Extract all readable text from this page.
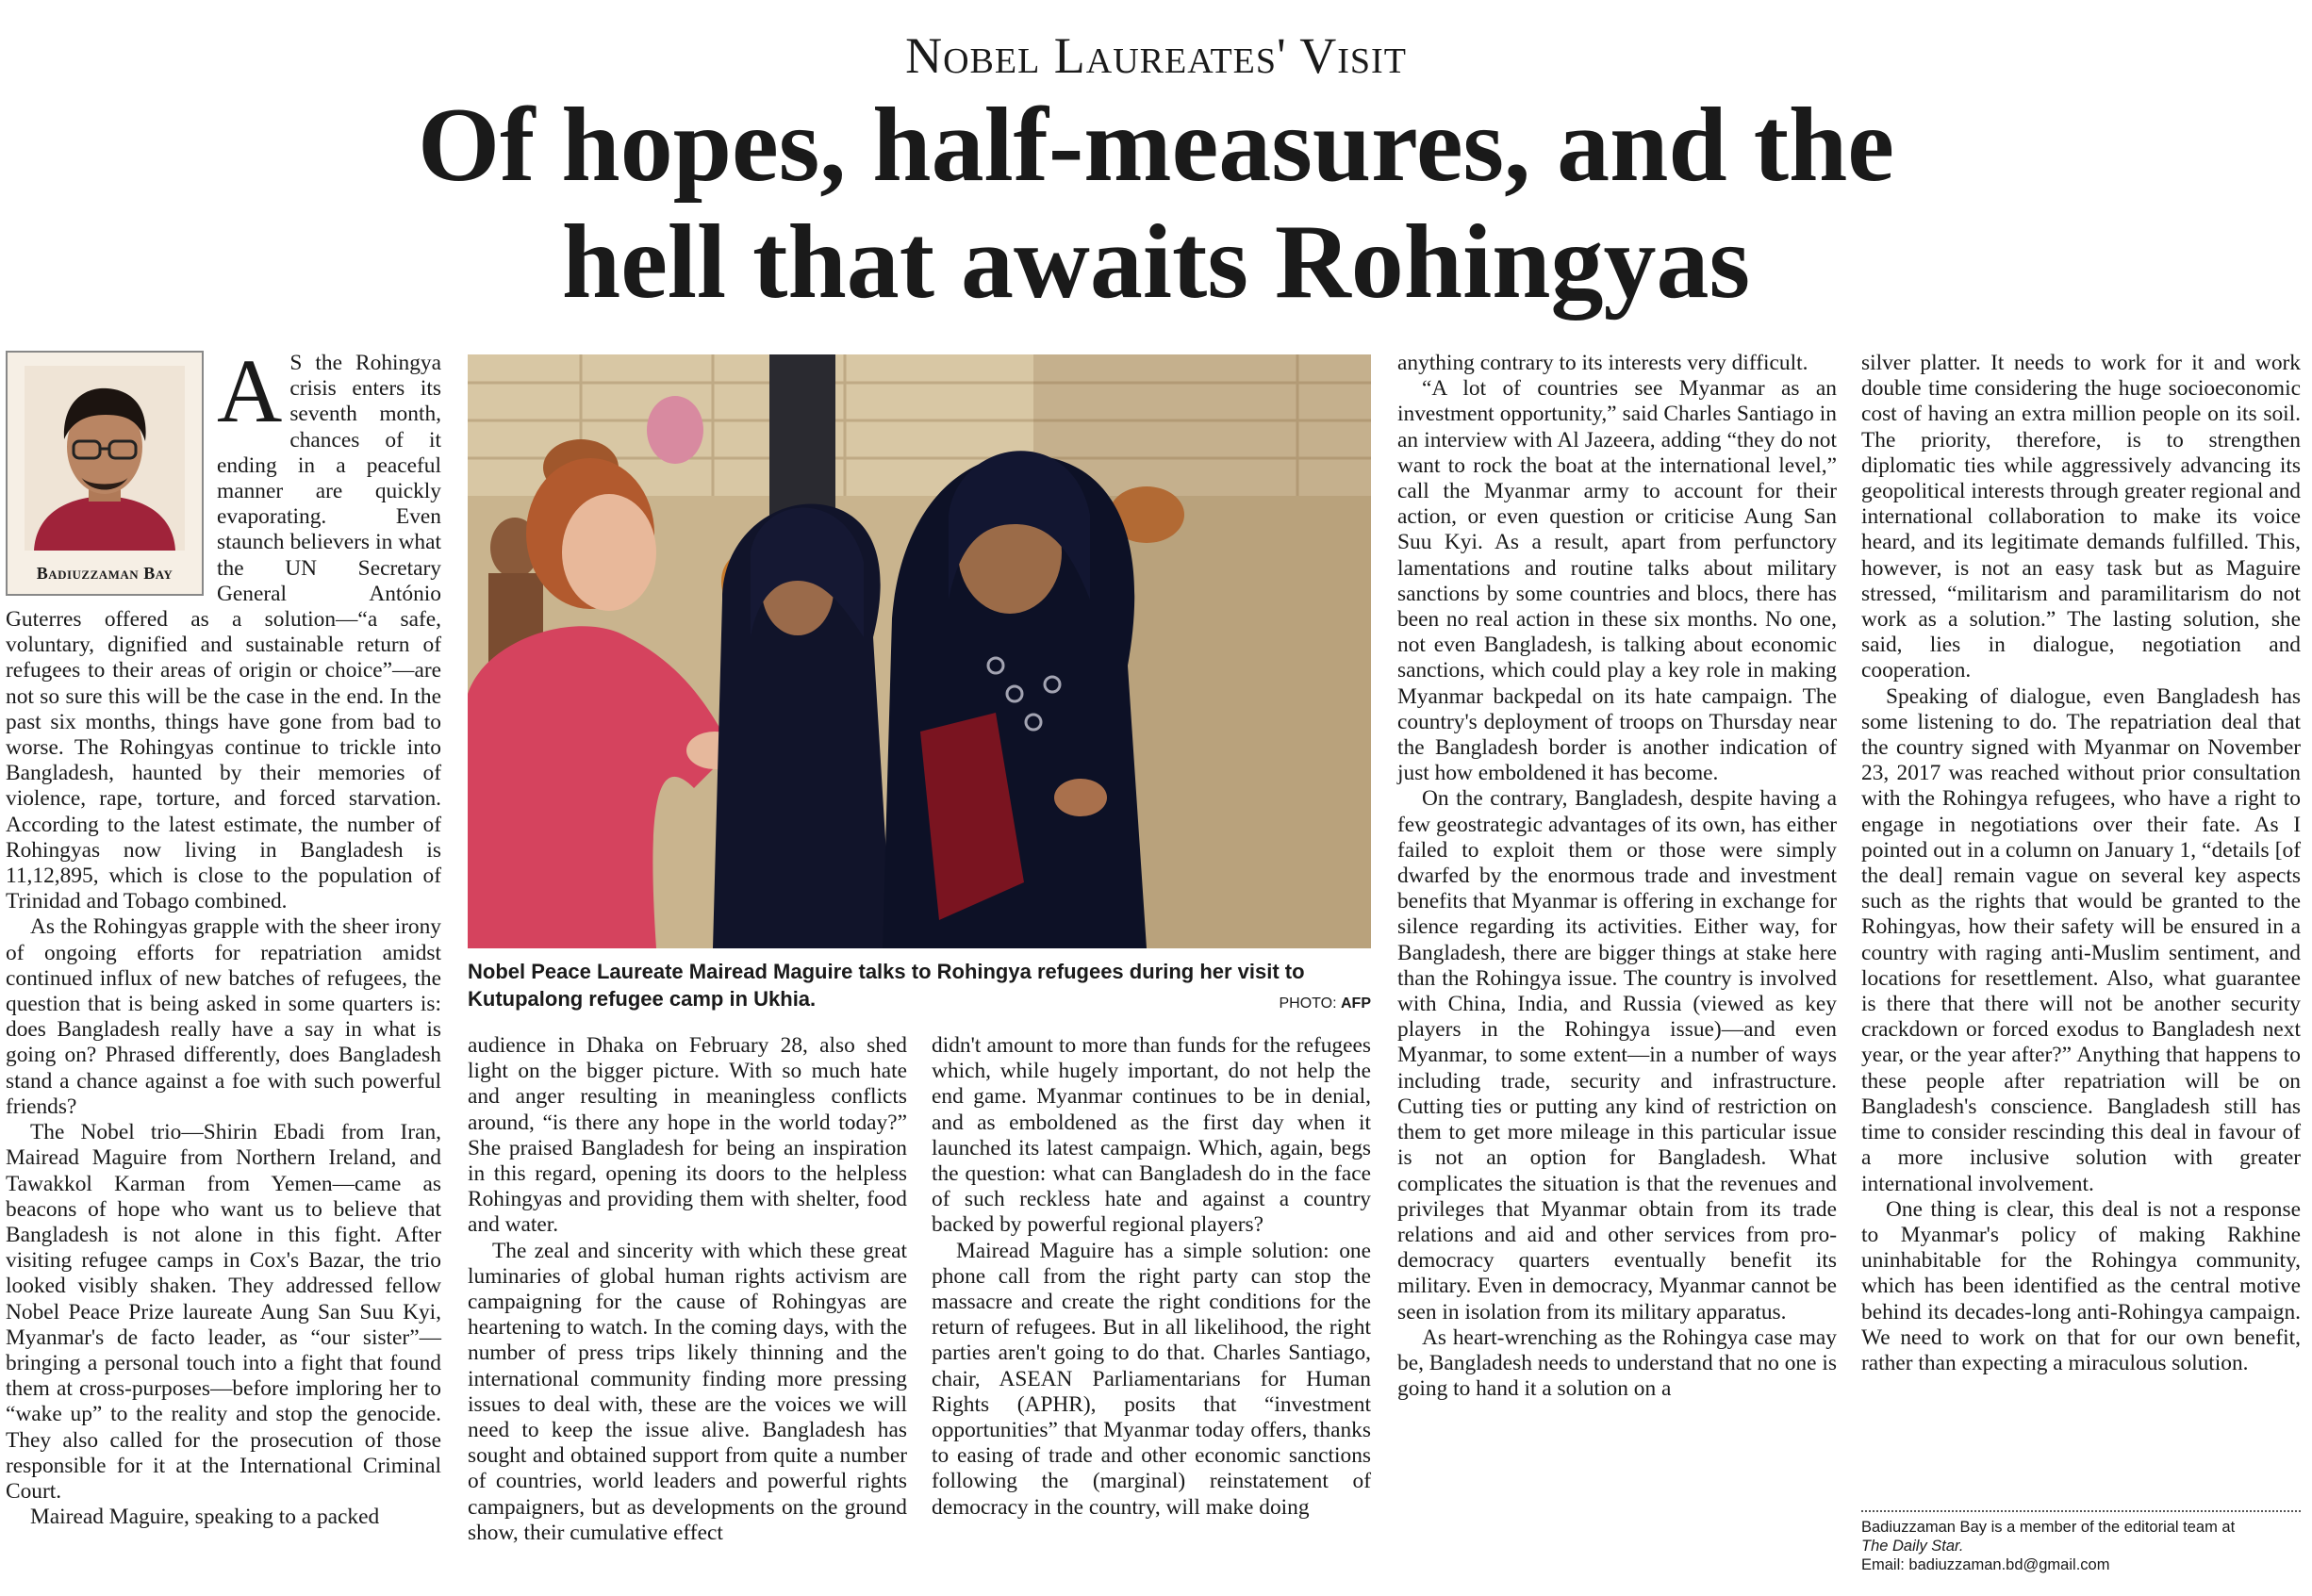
Nobel Laureates' Visit
Of hopes, half-measures, and the
hell that awaits Rohingyas
Badiuzzaman Bay
A S the Rohingya crisis enters its seventh month, chances of it ending in a peaceful manner are quickly evaporating. Even staunch believers in what the UN Secretary General António Guterres offered as a solution—“a safe, voluntary, dignified and sustainable return of refugees to their areas of origin or choice”—are not so sure this will be the case in the end. In the past six months, things have gone from bad to worse. The Rohingyas continue to trickle into Bangladesh, haunted by their memories of violence, rape, torture, and forced starvation. According to the latest estimate, the number of Rohingyas now living in Bangladesh is 11,12,895, which is close to the population of Trinidad and Tobago combined.

As the Rohingyas grapple with the sheer irony of ongoing efforts for repatriation amidst continued influx of new batches of refugees, the question that is being asked in some quarters is: does Bangladesh really have a say in what is going on? Phrased differently, does Bangladesh stand a chance against a foe with such powerful friends?

The Nobel trio—Shirin Ebadi from Iran, Mairead Maguire from Northern Ireland, and Tawakkol Karman from Yemen—came as beacons of hope who want us to believe that Bangladesh is not alone in this fight. After visiting refugee camps in Cox's Bazar, the trio looked visibly shaken. They addressed fellow Nobel Peace Prize laureate Aung San Suu Kyi, Myanmar's de facto leader, as “our sister”—bringing a personal touch into a fight that found them at cross-purposes—before imploring her to “wake up” to the reality and stop the genocide. They also called for the prosecution of those responsible for it at the International Criminal Court.

Mairead Maguire, speaking to a packed

Nobel Peace Laureate Mairead Maguire talks to Rohingya refugees during her visit to Kutupalong refugee camp in Ukhia.	PHOTO: AFP

audience in Dhaka on February 28, also shed light on the bigger picture. With so much hate and anger resulting in meaningless conflicts around, “is there any hope in the world today?” She praised Bangladesh for being an inspiration in this regard, opening its doors to the helpless Rohingyas and providing them with shelter, food and water.

The zeal and sincerity with which these great luminaries of global human rights activism are campaigning for the cause of Rohingyas are heartening to watch. In the coming days, with the number of press trips likely thinning and the international community finding more pressing issues to deal with, these are the voices we will need to keep the issue alive. Bangladesh has sought and obtained support from quite a number of countries, world leaders and powerful rights campaigners, but as developments on the ground show, their cumulative effect

didn't amount to more than funds for the refugees which, while hugely important, do not help the end game. Myanmar continues to be in denial, and as emboldened as the first day when it launched its latest campaign. Which, again, begs the question: what can Bangladesh do in the face of such reckless hate and against a country backed by powerful regional players?

Mairead Maguire has a simple solution: one phone call from the right party can stop the massacre and create the right conditions for the return of refugees. But in all likelihood, the right parties aren't going to do that. Charles Santiago, chair, ASEAN Parliamentarians for Human Rights (APHR), posits that “investment opportunities” that Myanmar today offers, thanks to easing of trade and other economic sanctions following the (marginal) reinstatement of democracy in the country, will make doing

anything contrary to its interests very difficult.

“A lot of countries see Myanmar as an investment opportunity,” said Charles Santiago in an interview with Al Jazeera, adding “they do not want to rock the boat at the international level,” call the Myanmar army to account for their action, or even question or criticise Aung San Suu Kyi. As a result, apart from perfunctory lamentations and routine talks about military sanctions by some countries and blocs, there has been no real action in these six months. No one, not even Bangladesh, is talking about economic sanctions, which could play a key role in making Myanmar backpedal on its hate campaign. The country's deployment of troops on Thursday near the Bangladesh border is another indication of just how emboldened it has become.

On the contrary, Bangladesh, despite having a few geostrategic advantages of its own, has either failed to exploit them or those were simply dwarfed by the enormous trade and investment benefits that Myanmar is offering in exchange for silence regarding its activities. Either way, for Bangladesh, there are bigger things at stake here than the Rohingya issue. The country is involved with China, India, and Russia (viewed as key players in the Rohingya issue)—and even Myanmar, to some extent—in a number of ways including trade, security and infrastructure. Cutting ties or putting any kind of restriction on them to get more mileage in this particular issue is not an option for Bangladesh. What complicates the situation is that the revenues and privileges that Myanmar obtain from its trade relations and aid and other services from pro-democracy quarters eventually benefit its military. Even in democracy, Myanmar cannot be seen in isolation from its military apparatus.

As heart-wrenching as the Rohingya case may be, Bangladesh needs to understand that no one is going to hand it a solution on a

silver platter. It needs to work for it and work double time considering the huge socioeconomic cost of having an extra million people on its soil. The priority, therefore, is to strengthen diplomatic ties while aggressively advancing its geopolitical interests through greater regional and international collaboration to make its voice heard, and its legitimate demands fulfilled. This, however, is not an easy task but as Maguire stressed, “militarism and paramilitarism do not work as a solution.” The lasting solution, she said, lies in dialogue, negotiation and cooperation.

Speaking of dialogue, even Bangladesh has some listening to do. The repatriation deal that the country signed with Myanmar on November 23, 2017 was reached without prior consultation with the Rohingya refugees, who have a right to engage in negotiations over their fate. As I pointed out in a column on January 1, “details [of the deal] remain vague on several key aspects such as the rights that would be granted to the Rohingyas, how their safety will be ensured in a country with raging anti-Muslim sentiment, and locations for resettlement. Also, what guarantee is there that there will not be another security crackdown or forced exodus to Bangladesh next year, or the year after?” Anything that happens to these people after repatriation will be on Bangladesh's conscience. Bangladesh still has time to consider rescinding this deal in favour of a more inclusive solution with greater international involvement.

One thing is clear, this deal is not a response to Myanmar's policy of making Rakhine uninhabitable for the Rohingya community, which has been identified as the central motive behind its decades-long anti-Rohingya campaign. We need to work on that for our own benefit, rather than expecting a miraculous solution.

Badiuzzaman Bay is a member of the editorial team at
The Daily Star.
Email: badiuzzaman.bd@gmail.com
